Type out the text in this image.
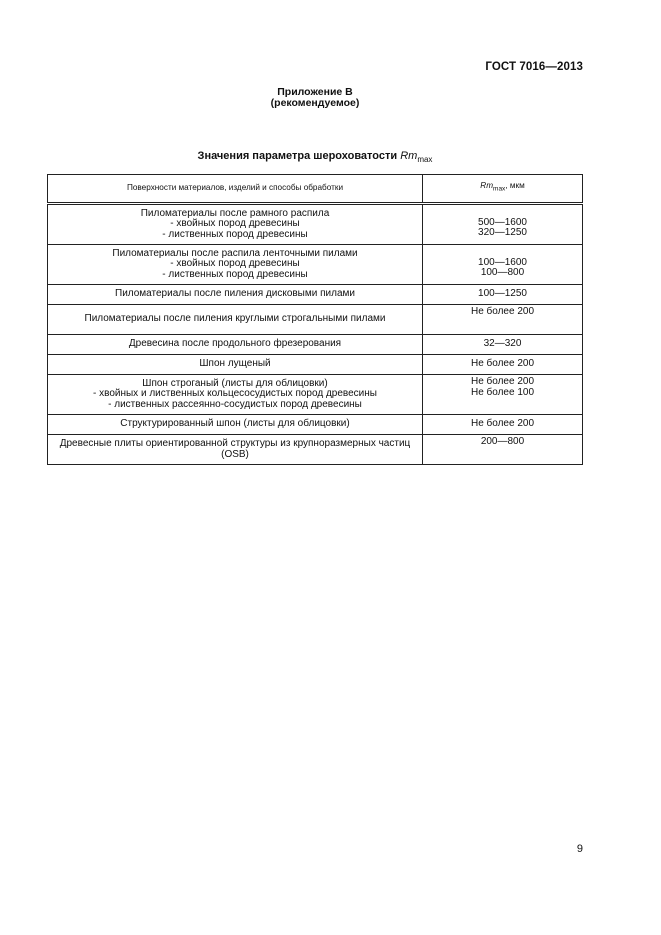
ГОСТ 7016—2013
Приложение В
(рекомендуемое)
Значения параметра шероховатости $Rm_{max}$
Поверхности материалов, изделий и способы обработки	$Rm_{max}$, мкм

Пиломатериалы после рамного распила
- хвойных пород древесины
- лиственных пород древесины	500—1600
320—1250

Пиломатериалы после распила ленточными пилами
- хвойных пород древесины
- лиственных пород древесины	100—1600
100—800

Пиломатериалы после пиления дисковыми пилами	100—1250

Пиломатериалы после пиления круглыми строгальными пилами	Не более 200

Древесина после продольного фрезерования	32—320

Шпон лущеный	Не более 200

Шпон строганый (листы для облицовки)
- хвойных и лиственных кольцесосудистых пород древесины
- лиственных рассеянно-сосудистых пород древесины	Не более 200
Не более 100

Структурированный шпон (листы для облицовки)	Не более 200

Древесные плиты ориентированной структуры из крупноразмерных частиц
(OSB)	200—800
9
